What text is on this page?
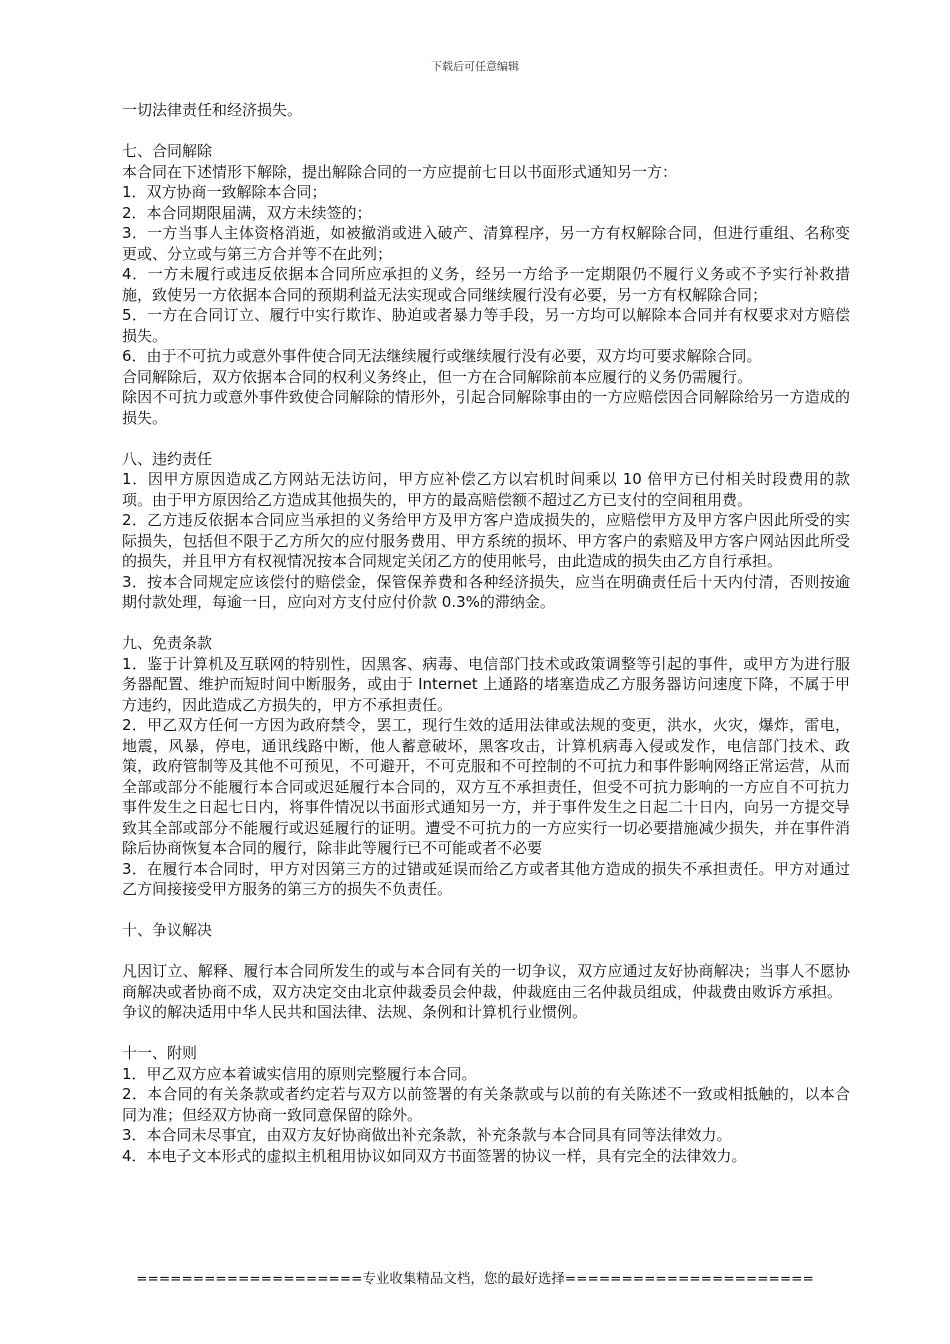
下载后可任意编辑

一切法律责任和经济损失。

七、合同解除

本合同在下述情形下解除，提出解除合同的一方应提前七日以书面形式通知另一方：

1．双方协商一致解除本合同；

2．本合同期限届满，双方未续签的；

3．一方当事人主体资格消逝，如被撤消或进入破产、清算程序，另一方有权解除合同，但进行重组、名称变更或、分立或与第三方合并等不在此列；

4．一方未履行或违反依据本合同所应承担的义务，经另一方给予一定期限仍不履行义务或不予实行补救措施，致使另一方依据本合同的预期利益无法实现或合同继续履行没有必要，另一方有权解除合同；

5．一方在合同订立、履行中实行欺诈、胁迫或者暴力等手段，另一方均可以解除本合同并有权要求对方赔偿损失。

6．由于不可抗力或意外事件使合同无法继续履行或继续履行没有必要，双方均可要求解除合同。

合同解除后，双方依据本合同的权利义务终止，但一方在合同解除前本应履行的义务仍需履行。

除因不可抗力或意外事件致使合同解除的情形外，引起合同解除事由的一方应赔偿因合同解除给另一方造成的损失。

八、违约责任

1．因甲方原因造成乙方网站无法访问，甲方应补偿乙方以宕机时间乘以 10 倍甲方已付相关时段费用的款项。由于甲方原因给乙方造成其他损失的，甲方的最高赔偿额不超过乙方已支付的空间租用费。

2．乙方违反依据本合同应当承担的义务给甲方及甲方客户造成损失的，应赔偿甲方及甲方客户因此所受的实际损失，包括但不限于乙方所欠的应付服务费用、甲方系统的损坏、甲方客户的索赔及甲方客户网站因此所受的损失，并且甲方有权视情况按本合同规定关闭乙方的使用帐号，由此造成的损失由乙方自行承担。

3．按本合同规定应该偿付的赔偿金，保管保养费和各种经济损失，应当在明确责任后十天内付清，否则按逾期付款处理，每逾一日，应向对方支付应付价款 0.3%的滞纳金。

九、免责条款

1．鉴于计算机及互联网的特别性，因黑客、病毒、电信部门技术或政策调整等引起的事件，或甲方为进行服务器配置、维护而短时间中断服务，或由于 Internet 上通路的堵塞造成乙方服务器访问速度下降，不属于甲方违约，因此造成乙方损失的，甲方不承担责任。

2．甲乙双方任何一方因为政府禁令，罢工，现行生效的适用法律或法规的变更，洪水，火灾，爆炸，雷电，地震，风暴，停电，通讯线路中断，他人蓄意破坏，黑客攻击，计算机病毒入侵或发作，电信部门技术、政策，政府管制等及其他不可预见，不可避开，不可克服和不可控制的不可抗力和事件影响网络正常运营，从而全部或部分不能履行本合同或迟延履行本合同的，双方互不承担责任，但受不可抗力影响的一方应自不可抗力事件发生之日起七日内，将事件情况以书面形式通知另一方，并于事件发生之日起二十日内，向另一方提交导致其全部或部分不能履行或迟延履行的证明。遭受不可抗力的一方应实行一切必要措施减少损失，并在事件消除后协商恢复本合同的履行，除非此等履行已不可能或者不必要

3．在履行本合同时，甲方对因第三方的过错或延误而给乙方或者其他方造成的损失不承担责任。甲方对通过乙方间接接受甲方服务的第三方的损失不负责任。

十、争议解决

凡因订立、解释、履行本合同所发生的或与本合同有关的一切争议，双方应通过友好协商解决；当事人不愿协商解决或者协商不成，双方决定交由北京仲裁委员会仲裁，仲裁庭由三名仲裁员组成，仲裁费由败诉方承担。

争议的解决适用中华人民共和国法律、法规、条例和计算机行业惯例。

十一、附则

1．甲乙双方应本着诚实信用的原则完整履行本合同。

2．本合同的有关条款或者约定若与双方以前签署的有关条款或与以前的有关陈述不一致或相抵触的，以本合同为准；但经双方协商一致同意保留的除外。

3．本合同未尽事宜，由双方友好协商做出补充条款，补充条款与本合同具有同等法律效力。

4．本电子文本形式的虚拟主机租用协议如同双方书面签署的协议一样，具有完全的法律效力。

====================专业收集精品文档，您的最好选择======================
